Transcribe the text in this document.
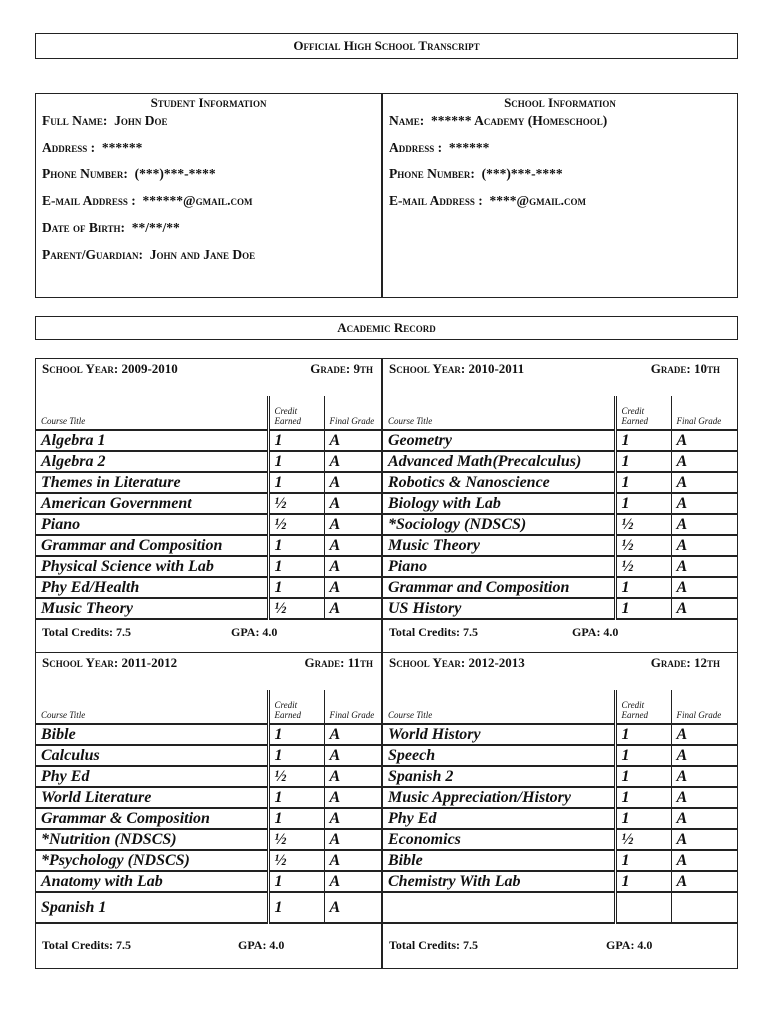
Official High School Transcript
Student Information
Full Name: John Doe
Address : ******
Phone Number: (***)***-****
E-mail Address : ******@gmail.com
Date of Birth: **/**/**
Parent/Guardian: John and Jane Doe
School Information
Name: ****** Academy (Homeschool)
Address : ******
Phone Number: (***)***-****
E-mail Address : ****@gmail.com
Academic Record
School Year: 2009-2010	Grade: 9th
Course Title	Credit Earned	Final Grade
Algebra 1	1	A
Algebra 2	1	A
Themes in Literature	1	A
American Government	½	A
Piano	½	A
Grammar and Composition	1	A
Physical Science with Lab	1	A
Phy Ed/Health	1	A
Music Theory	½	A
Total Credits: 7.5	GPA: 4.0
School Year: 2010-2011	Grade: 10th
Course Title	Credit Earned	Final Grade
Geometry	1	A
Advanced Math(Precalculus)	1	A
Robotics & Nanoscience	1	A
Biology with Lab	1	A
*Sociology (NDSCS)	½	A
Music Theory	½	A
Piano	½	A
Grammar and Composition	1	A
US History	1	A
Total Credits: 7.5	GPA: 4.0
School Year: 2011-2012	Grade: 11th
Course Title	Credit Earned	Final Grade
Bible	1	A
Calculus	1	A
Phy Ed	½	A
World Literature	1	A
Grammar & Composition	1	A
*Nutrition (NDSCS)	½	A
*Psychology (NDSCS)	½	A
Anatomy with Lab	1	A
Spanish 1	1	A
Total Credits: 7.5	GPA: 4.0
School Year: 2012-2013	Grade: 12th
Course Title	Credit Earned	Final Grade
World History	1	A
Speech	1	A
Spanish 2	1	A
Music Appreciation/History	1	A
Phy Ed	1	A
Economics	½	A
Bible	1	A
Chemistry With Lab	1	A

Total Credits: 7.5	GPA: 4.0
